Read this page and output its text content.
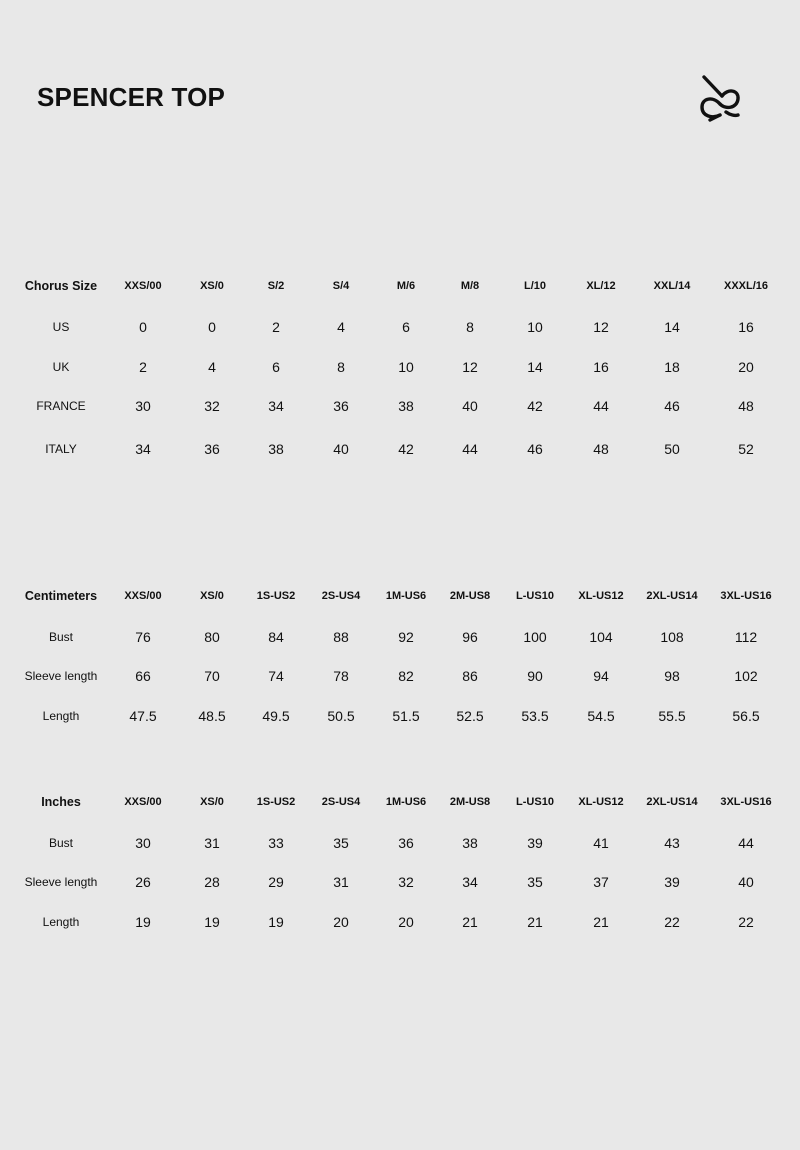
SPENCER TOP
Chorus Size XXS/00	XS/0	S/2	S/4	M/6	M/8	L/10	XL/12	XXL/14	XXXL/16
US	0	0	2	4	6	8	10	12	14	16
UK	2	4	6	8	10	12	14	16	18	20
FRANCE	30	32	34	36	38	40	42	44	46	48
ITALY	34	36	38	40	42	44	46	48	50	52
Centimeters XXS/00	XS/0	1S-US2 2S-US4 1M-US6 2M-US8 L-US10 XL-US12 2XL-US14 3XL-US16
Bust	76	80	84	88	92	96	100	104	108	112
Sleeve length	66	70	74	78	82	86	90	94	98	102
Length	47.5	48.5	49.5	50.5	51.5	52.5	53.5	54.5	55.5	56.5
Inches	XXS/00	XS/0	1S-US2 2S-US4 1M-US6 2M-US8 L-US10 XL-US12 2XL-US14 3XL-US16
Bust	30	31	33	35	36	38	39	41	43	44
Sleeve length	26	28	29	31	32	34	35	37	39	40
Length	19	19	19	20	20	21	21	21	22	22
